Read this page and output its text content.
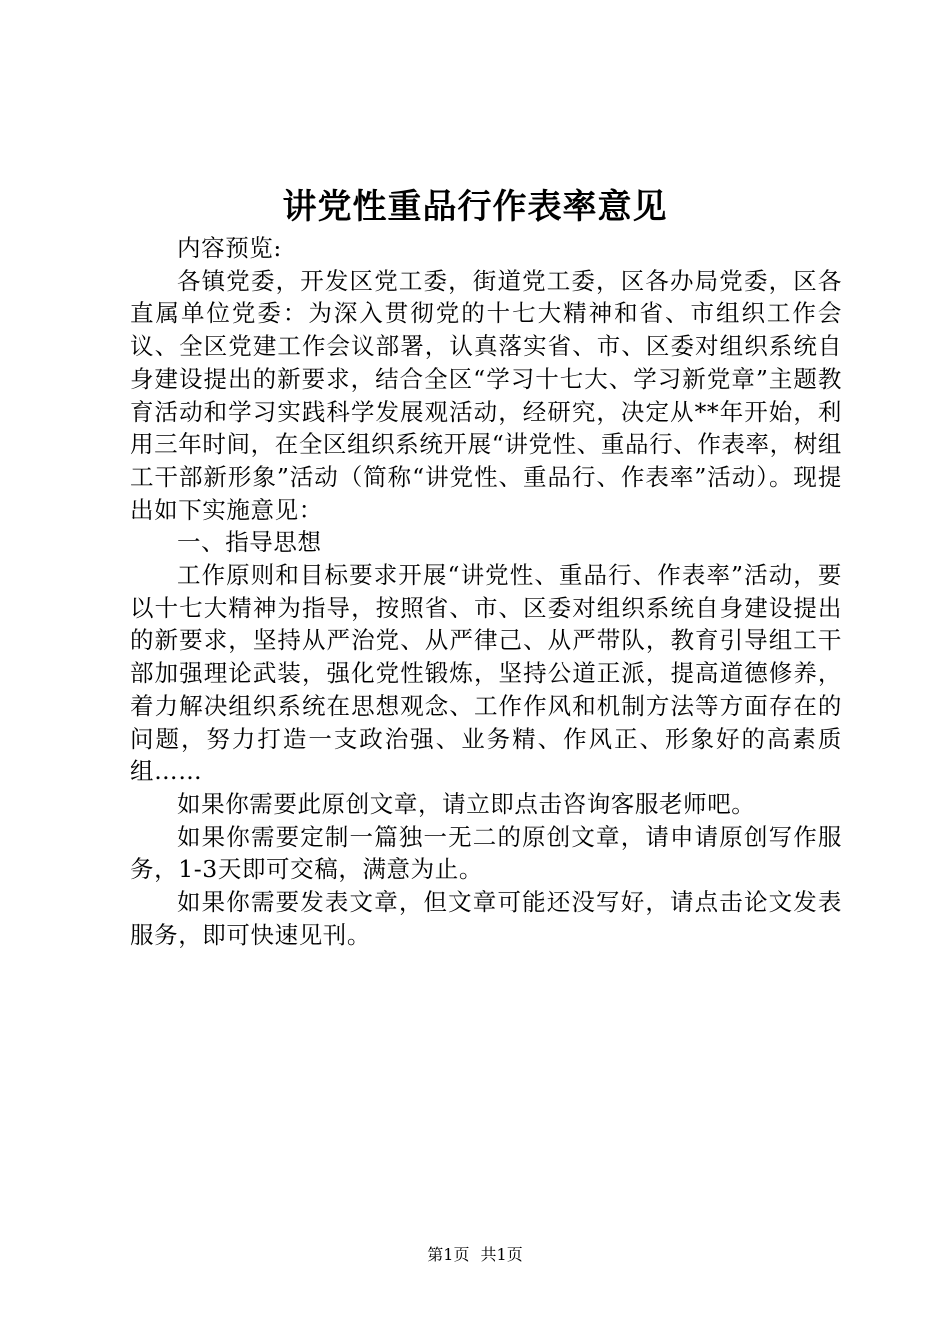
讲党性重品行作表率意见

内容预览:

各镇党委，开发区党工委，街道党工委，区各办局党委，区各直属单位党委：为深入贯彻党的十七大精神和省、市组织工作会议、全区党建工作会议部署，认真落实省、市、区委对组织系统自身建设提出的新要求，结合全区“学习十七大、学习新党章”主题教育活动和学习实践科学发展观活动，经研究，决定从**年开始，利用三年时间，在全区组织系统开展“讲党性、重品行、作表率，树组工干部新形象”活动（简称“讲党性、重品行、作表率”活动）。现提出如下实施意见：

一、指导思想

工作原则和目标要求开展“讲党性、重品行、作表率”活动，要以十七大精神为指导，按照省、市、区委对组织系统自身建设提出的新要求，坚持从严治党、从严律己、从严带队，教育引导组工干部加强理论武装，强化党性锻炼，坚持公道正派，提高道德修养，着力解决组织系统在思想观念、工作作风和机制方法等方面存在的问题，努力打造一支政治强、业务精、作风正、形象好的高素质组……

如果你需要此原创文章，请立即点击咨询客服老师吧。

如果你需要定制一篇独一无二的原创文章，请申请原创写作服务，1-3天即可交稿，满意为止。

如果你需要发表文章，但文章可能还没写好，请点击论文发表服务，即可快速见刊。

第1页 共1页
